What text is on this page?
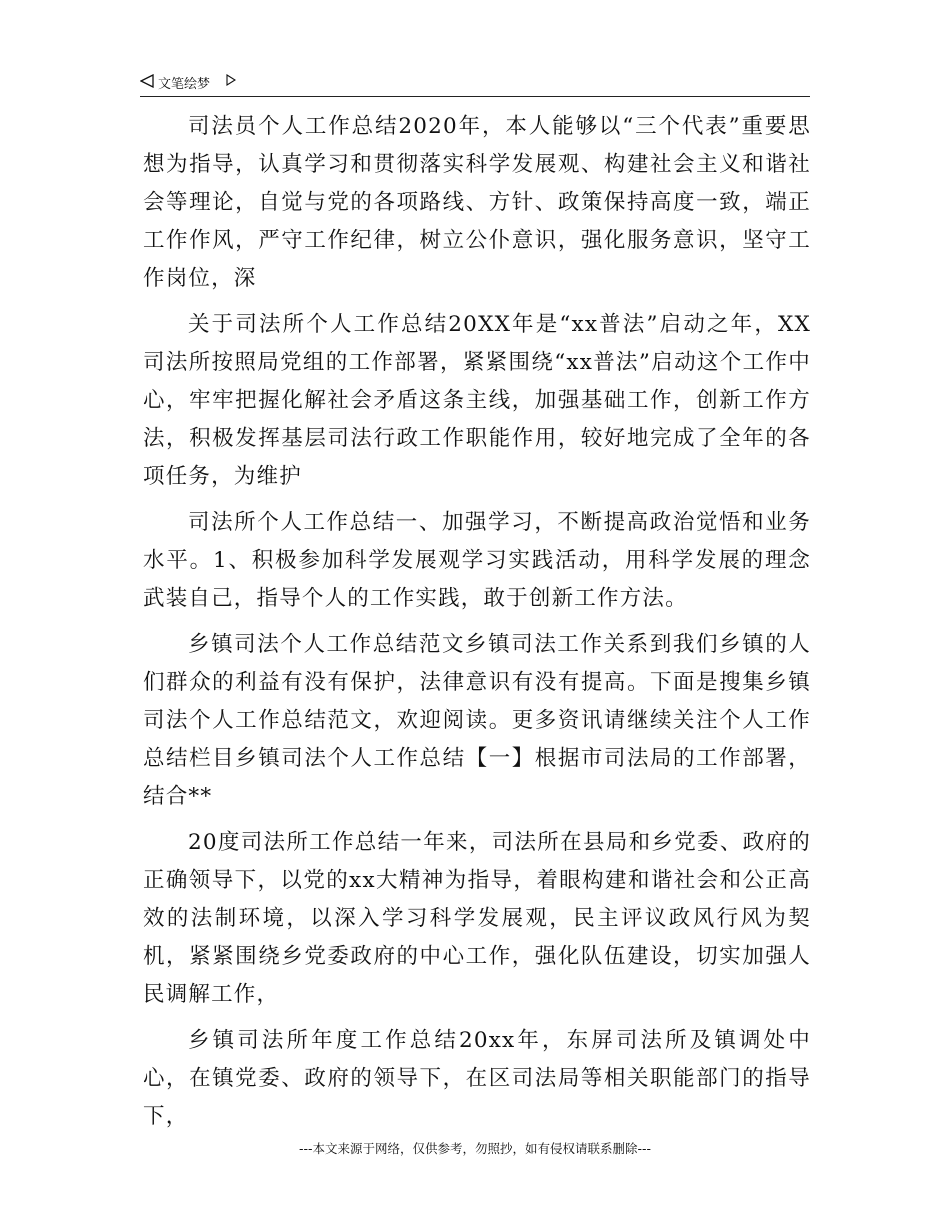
文笔绘梦

司法员个人工作总结2020年，本人能够以“三个代表”重要思想为指导，认真学习和贯彻落实科学发展观、构建社会主义和谐社会等理论，自觉与党的各项路线、方针、政策保持高度一致，端正工作作风，严守工作纪律，树立公仆意识，强化服务意识，坚守工作岗位，深

关于司法所个人工作总结20XX年是“xx普法”启动之年，XX司法所按照局党组的工作部署，紧紧围绕“xx普法”启动这个工作中心，牢牢把握化解社会矛盾这条主线，加强基础工作，创新工作方法，积极发挥基层司法行政工作职能作用，较好地完成了全年的各项任务，为维护

司法所个人工作总结一、加强学习，不断提高政治觉悟和业务水平。1、积极参加科学发展观学习实践活动，用科学发展的理念武装自己，指导个人的工作实践，敢于创新工作方法。

乡镇司法个人工作总结范文乡镇司法工作关系到我们乡镇的人们群众的利益有没有保护，法律意识有没有提高。下面是搜集乡镇司法个人工作总结范文，欢迎阅读。更多资讯请继续关注个人工作总结栏目乡镇司法个人工作总结【一】根据市司法局的工作部署，结合**

20度司法所工作总结一年来，司法所在县局和乡党委、政府的正确领导下，以党的xx大精神为指导，着眼构建和谐社会和公正高效的法制环境，以深入学习科学发展观，民主评议政风行风为契机，紧紧围绕乡党委政府的中心工作，强化队伍建设，切实加强人民调解工作，

乡镇司法所年度工作总结20xx年，东屏司法所及镇调处中心，在镇党委、政府的领导下，在区司法局等相关职能部门的指导下，

---本文来源于网络，仅供参考，勿照抄，如有侵权请联系删除---
